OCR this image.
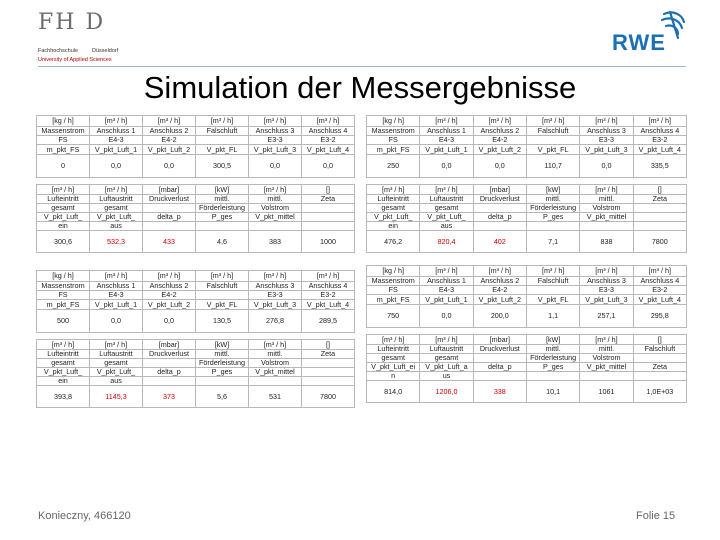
FH D
Fachhochschule	Düsseldorf
University of Applied Sciences
RWE
Simulation der Messergebnisse
[kg / h]	[m³ / h]	[m³ / h]	[m³ / h]	[m³ / h]	[m³ / h]
Massenstrom	Anschluss 1	Anschluss 2	Falschluft	Anschluss 3	Anschluss 4
FS	E4-3	E4-2		E3-3	E3-2
m_pkt_FS	V_pkt_Luft_1	V_pkt_Luft_2	V_pkt_FL	V_pkt_Luft_3	V_pkt_Luft_4
0	0,0	0,0	300,5	0,0	0,0

[m³ / h]	[m³ / h]	[mbar]	[kW]	[m³ / h]	[]
Lufteintritt	Luftaustritt	Druckverlust	mittl.	mittl.	Zeta
gesamt	gesamt		Förderleistung	Volstrom	
V_pkt_Luft_	V_pkt_Luft_	delta_p	P_ges	V_pkt_mittel	
ein	aus				
300,6	532,3	433	4,6	383	1000
[kg / h]	[m³ / h]	[m³ / h]	[m³ / h]	[m³ / h]	[m³ / h]
Massenstrom	Anschluss 1	Anschluss 2	Falschluft	Anschluss 3	Anschluss 4
FS	E4-3	E4-2		E3-3	E3-2
m_pkt_FS	V_pkt_Luft_1	V_pkt_Luft_2	V_pkt_FL	V_pkt_Luft_3	V_pkt_Luft_4
250	0,0	0,0	110,7	0,0	335,5

[m³ / h]	[m³ / h]	[mbar]	[kW]	[m³ / h]	[]
Lufteintritt	Luftaustritt	Druckverlust	mittl.	mittl.	Zeta
gesamt	gesamt		Förderleistung	Volstrom	
V_pkt_Luft_	V_pkt_Luft_	delta_p	P_ges	V_pkt_mittel	
ein	aus				
476,2	820,4	402	7,1	838	7800
[kg / h]	[m³ / h]	[m³ / h]	[m³ / h]	[m³ / h]	[m³ / h]
Massenstrom	Anschluss 1	Anschluss 2	Falschluft	Anschluss 3	Anschluss 4
FS	E4-3	E4-2		E3-3	E3-2
m_pkt_FS	V_pkt_Luft_1	V_pkt_Luft_2	V_pkt_FL	V_pkt_Luft_3	V_pkt_Luft_4
500	0,0	0,0	130,5	276,8	289,5

[m³ / h]	[m³ / h]	[mbar]	[kW]	[m³ / h]	[]
Lufteintritt	Luftaustritt	Druckverlust	mittl.	mittl.	Zeta
gesamt	gesamt		Förderleistung	Volstrom	
V_pkt_Luft_	V_pkt_Luft_	delta_p	P_ges	V_pkt_mittel	
ein	aus				
393,8	1145,3	373	5,6	531	7800
[kg / h]	[m³ / h]	[m³ / h]	[m³ / h]	[m³ / h]	[m³ / h]
Massenstrom	Anschluss 1	Anschluss 2	Falschluft	Anschluss 3	Anschluss 4
FS	E4-3	E4-2		E3-3	E3-2
m_pkt_FS	V_pkt_Luft_1	V_pkt_Luft_2	V_pkt_FL	V_pkt_Luft_3	V_pkt_Luft_4
750	0,0	200,0	1,1	257,1	295,8

[m³ / h]	[m³ / h]	[mbar]	[kW]	[m³ / h]	[]
Lufteintritt	Luftaustritt	Druckverlust	mittl.	mittl.	Falschluft
gesamt	gesamt		Förderleistung	Volstrom	
V_pkt_Luft_ei	V_pkt_Luft_a	delta_p	P_ges	V_pkt_mittel	Zeta
n	us				
814,0	1206,0	338	10,1	1061	1,0E+03
Konieczny, 466120	Folie 15
